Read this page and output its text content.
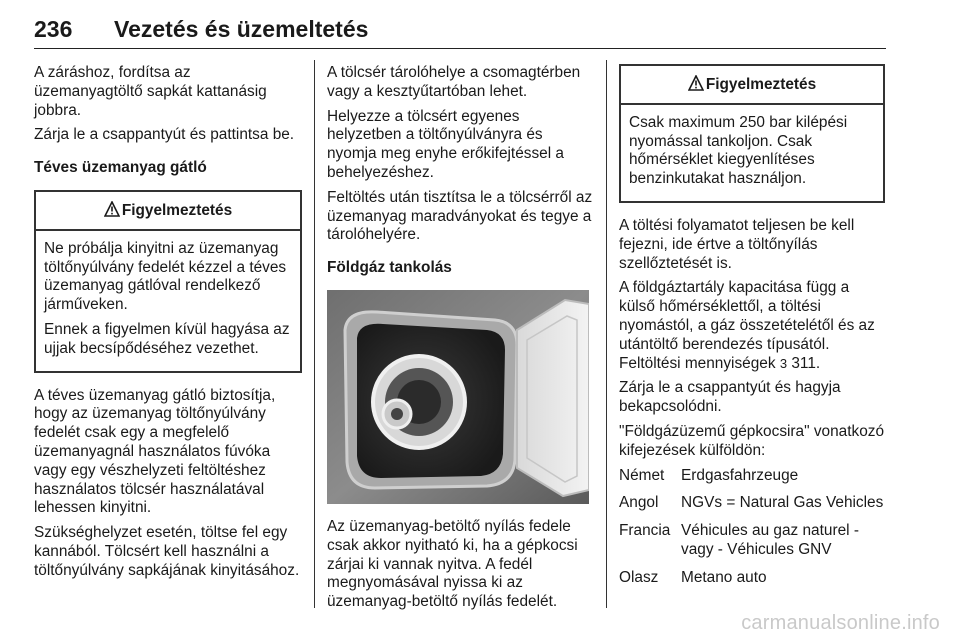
236 Vezetés és üzemeltetés

A záráshoz, fordítsa az üzemanyagtöltő sapkát kattanásig jobbra.

Zárja le a csappantyút és pattintsa be.

Téves üzemanyag gátló
Figyelmeztetés

Ne próbálja kinyitni az üzemanyag töltőnyúlvány fedelét kézzel a téves üzemanyag gátlóval rendelkező járműveken.

Ennek a figyelmen kívül hagyása az ujjak becsípődéséhez vezethet.

A téves üzemanyag gátló biztosítja, hogy az üzemanyag töltőnyúlvány fedelét csak egy a megfelelő üzemanyagnál használatos fúvóka vagy egy vészhelyzeti feltöltéshez használatos tölcsér használatával lehessen kinyitni.

Szükséghelyzet esetén, töltse fel egy kannából. Tölcsért kell használni a töltőnyúlvány sapkájának kinyitásához.

A tölcsér tárolóhelye a csomagtérben vagy a kesztyűtartóban lehet.

Helyezze a tölcsért egyenes helyzetben a töltőnyúlványra és nyomja meg enyhe erőkifejtéssel a behelyezéshez.

Feltöltés után tisztítsa le a tölcsérről az üzemanyag maradványokat és tegye a tárolóhelyére.

Földgáz tankolás

Az üzemanyag-betöltő nyílás fedele csak akkor nyitható ki, ha a gépkocsi zárjai ki vannak nyitva. A fedél megnyomásával nyissa ki az üzemanyag-betöltő nyílás fedelét.

Figyelmeztetés

Csak maximum 250 bar kilépési nyomással tankoljon. Csak hőmérséklet kiegyenlítéses benzinkutakat használjon.

A töltési folyamatot teljesen be kell fejezni, ide értve a töltőnyílás szellőztetését is.

A földgáztartály kapacitása függ a külső hőmérséklettől, a töltési nyomástól, a gáz összetételétől és az utántöltő berendezés típusától. Feltöltési mennyiségek 3 311.

Zárja le a csappantyút és hagyja bekapcsolódni.

"Földgázüzemű gépkocsira" vonatkozó kifejezések külföldön:

Német	Erdgasfahrzeuge
Angol	NGVs = Natural Gas Vehicles
Francia Véhicules au gaz naturel - vagy - Véhicules GNV
Olasz	Metano auto
carmanualsonline.info
